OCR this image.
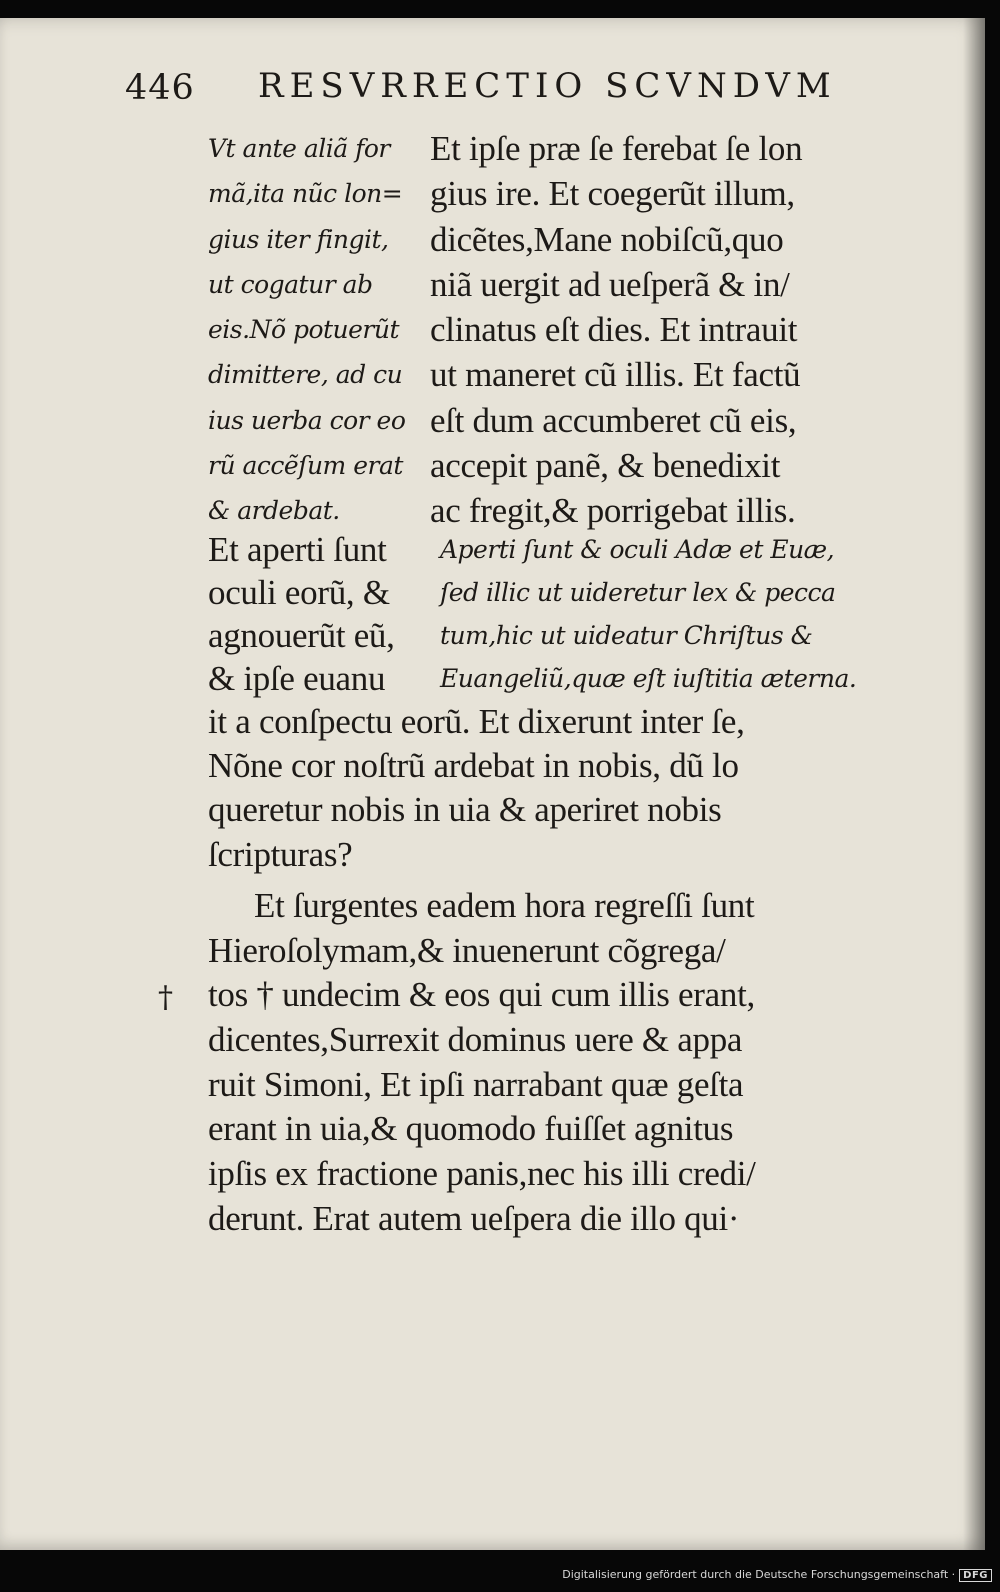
446 RESVRRECTIO SCVNDVM
Vt ante aliã for
mã,ita nũc lon=
gius iter fingit,
ut cogatur ab
eis.Nõ potuerũt
dimittere, ad cu
ius uerba cor eo
rũ accẽſum erat
& ardebat.
Et ipſe præ ſe ferebat ſe lon
gius ire. Et coegerũt illum,
dicẽtes,Mane nobiſcũ,quo
niã uergit ad ueſperã & in/
clinatus eſt dies. Et intrauit
ut maneret cũ illis. Et factũ
eſt dum accumberet cũ eis,
accepit panẽ, & benedixit
ac fregit,& porrigebat illis.
Et aperti ſunt
oculi eorũ, &
agnouerũt eũ,
& ipſe euanu
Aperti ſunt & oculi Adæ et Euæ,
ſed illic ut uideretur lex & pecca
tum,hic ut uideatur Chriſtus &
Euangeliũ,quæ eſt iuſtitia æterna.
it a conſpectu eorũ. Et dixerunt inter ſe,
Nõne cor noſtrũ ardebat in nobis, dũ lo
queretur nobis in uia & aperiret nobis
ſcripturas?
Et ſurgentes eadem hora regreſſi ſunt
Hieroſolymam,& inuenerunt cõgrega/
tos † undecim & eos qui cum illis erant,
dicentes,Surrexit dominus uere & appa
ruit Simoni, Et ipſi narrabant quæ geſta
erant in uia,& quomodo fuiſſet agnitus
ipſis ex fractione panis,nec his illi credi/
derunt. Erat autem ueſpera die illo qui·
†
Digitalisierung gefördert durch die Deutsche Forschungsgemeinschaft · DFG
